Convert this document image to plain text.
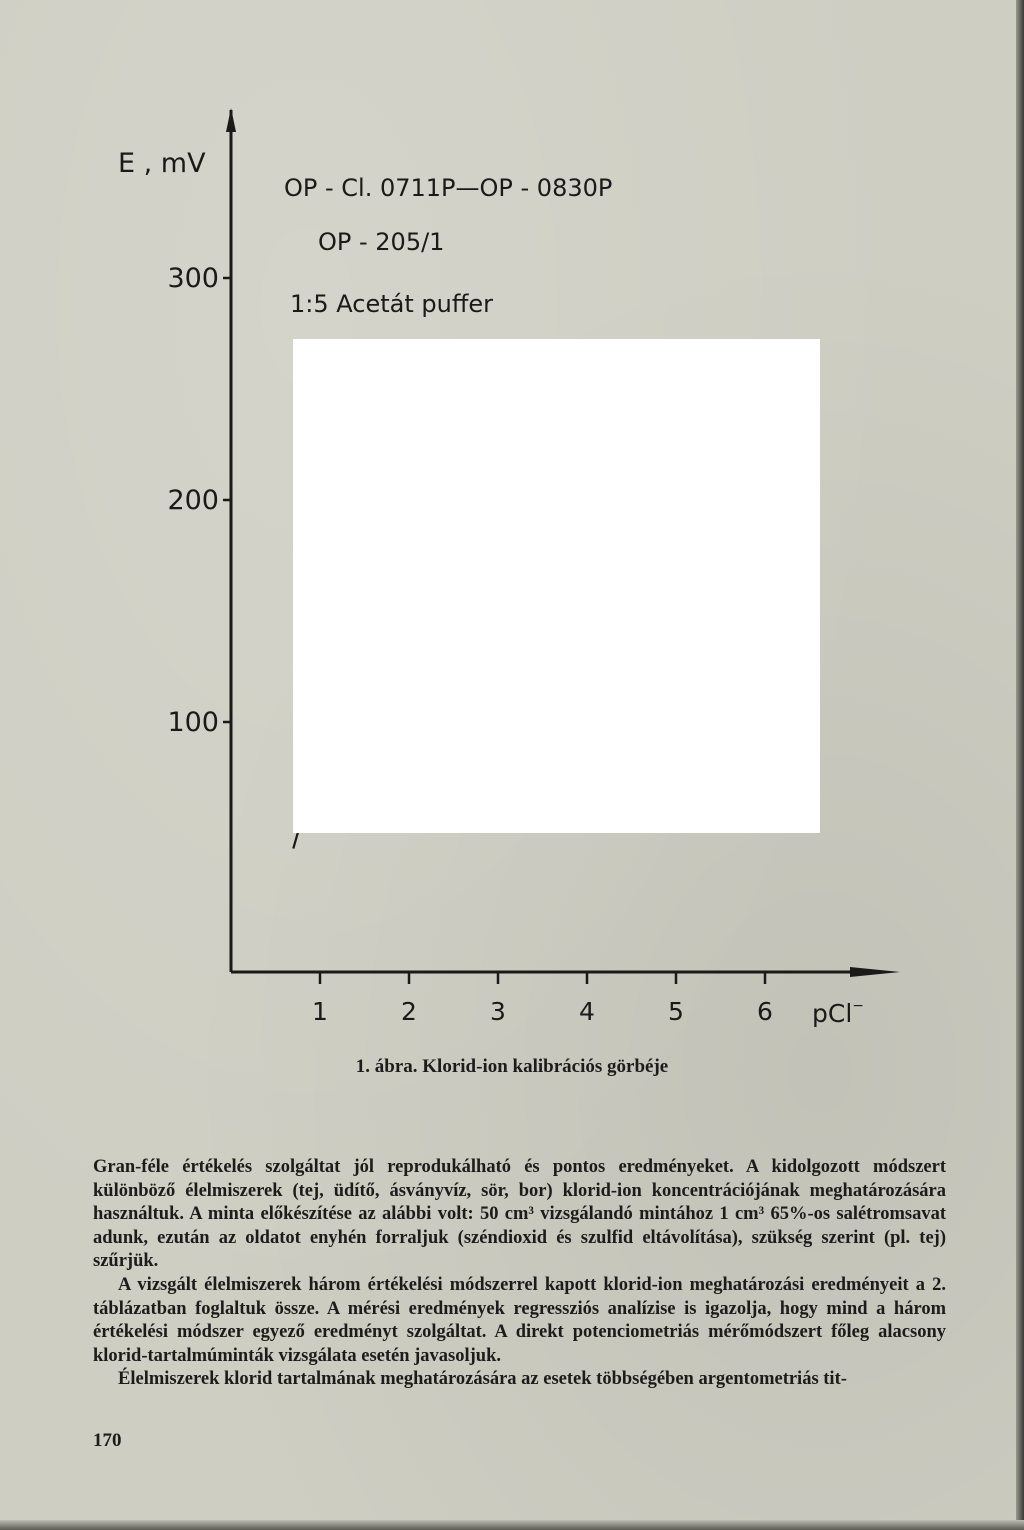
1	2	3	4	5	6
100
200
300
E , mV
pCl−
OP - Cl. 0711P—OP - 0830P
OP - 205/1
1:5 Acetát puffer
1. ábra. Klorid-ion kalibrációs görbéje

Gran-féle értékelés szolgáltat jól reprodukálható és pontos eredményeket. A kidolgozott módszert különböző élelmiszerek (tej, üdítő, ásványvíz, sör, bor) klorid-ion koncentrációjának meghatározására használtuk. A minta előkészítése az alábbi volt: 50 cm³ vizsgálandó mintához 1 cm³ 65%-os salétromsavat adunk, ezután az oldatot enyhén forraljuk (széndioxid és szulfid eltávolítása), szükség szerint (pl. tej) szűrjük.

A vizsgált élelmiszerek három értékelési módszerrel kapott klorid-ion meghatározási eredményeit a 2. táblázatban foglaltuk össze. A mérési eredmények regressziós analízise is igazolja, hogy mind a három értékelési módszer egyező eredményt szolgáltat. A direkt potenciometriás mérőmódszert főleg alacsony klorid-tartalmúminták vizsgálata esetén javasoljuk.

Élelmiszerek klorid tartalmának meghatározására az esetek többségében argentometriás tit-

170
